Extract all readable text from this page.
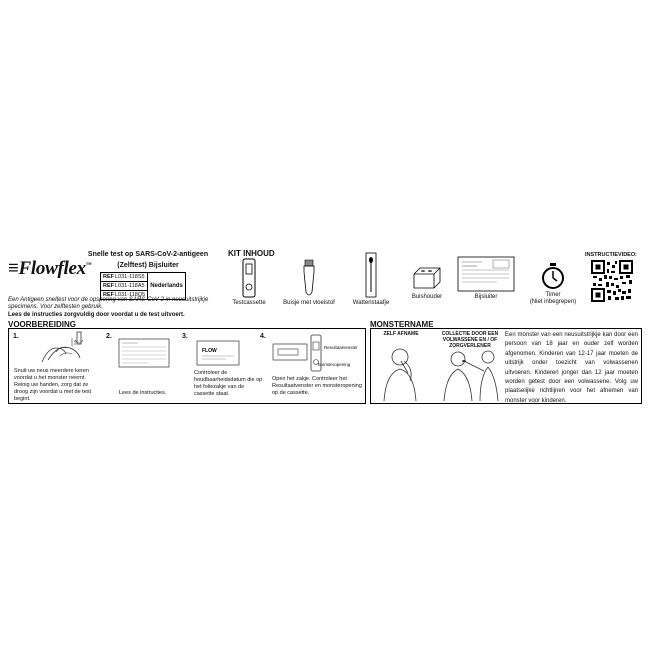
≡Flowflex™
Snelle test op SARS-CoV-2-antigeen
(Zelftest) Bijsluiter
REF	L031-118S5	Nederlands
REF	L031-118A5	
REF	L031-118Q5	
Een Antigeen sneltest voor de opsporing van SARS-CoV-2 in neusuitstrijkje specimens. Voor zelftesten gebruik.
Lees de instructies zorgvuldig door voordat u de test uitvoert.
KIT INHOUD
Testcassette	Buisje met vloeistof	Wattenstaafje
Buishouder	Bijsluiter	Timer
(Niet inbegrepen)
INSTRUCTIEVIDEO:
VOORBEREIDING	MONSTERNAME
1.
Snuit uw neus meerdere keren voordat u het monster neemt. Reinig uw handen, zorg dat ze droog zijn voordat u met de test begint.
2.
Lees de instructies.
3.
FLOW
Controleer de houdbaarheidsdatum die op het foliezakje van de cassette staat.
4.
Resultaatvenster
Monsteropening
Open het zakje. Controleer het Resultaatvenster en monsteropening op de cassette.
ZELF AFNAME	COLLECTIE DOOR EEN VOLWASSENE EN / OF ZORGVERLENER
Een monster van een neusuitstrijkje kan door een persoon van 18 jaar en ouder zelf worden afgenomen. Kinderen van 12-17 jaar moeten de uitstrijk onder toezicht van volwassenen uitvoeren. Kinderen jonger dan 12 jaar moeten worden getest door een volwassene. Volg uw plaatselijke richtlijnen voor het afnemen van monster voor kinderen.
